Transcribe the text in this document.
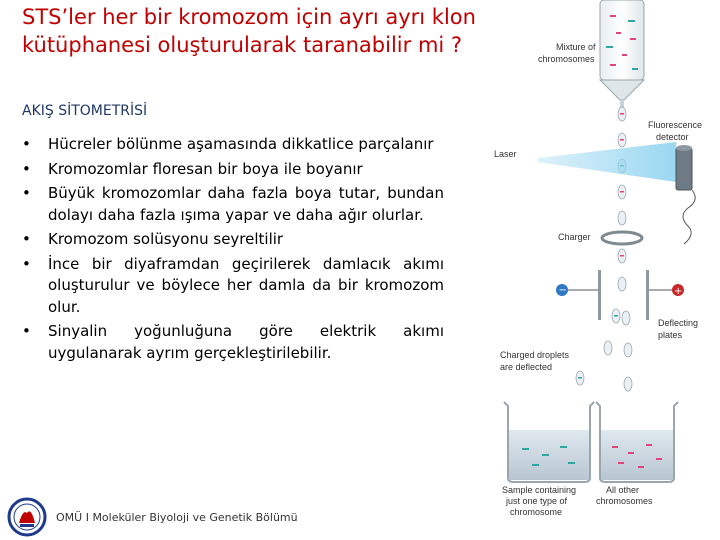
STS’ler her bir kromozom için ayrı ayrı klon kütüphanesi oluşturularak taranabilir mi ?
AKIŞ SİTOMETRİSİ
• Hücreler bölünme aşamasında dikkatlice parçalanır
• Kromozomlar floresan bir boya ile boyanır
• Büyük kromozomlar daha fazla boya tutar, bundan dolayı daha fazla ışıma yapar ve daha ağır olurlar.
• Kromozom solüsyonu seyreltilir
• İnce bir diyaframdan geçirilerek damlacık akımı oluşturulur ve böylece her damla da bir kromozom olur.
• Sinyalin yoğunluğuna göre elektrik akımı uygulanarak ayrım gerçekleştirilebilir.
OMÜ I Moleküler Biyoloji ve Genetik Bölümü
Mixture of
chromosomes
Fluorescence
detector
Laser
Charger
−	+
Deflecting
plates
Charged droplets
are deflected
Sample containing
just one type of
chromosome
All other
chromosomes
